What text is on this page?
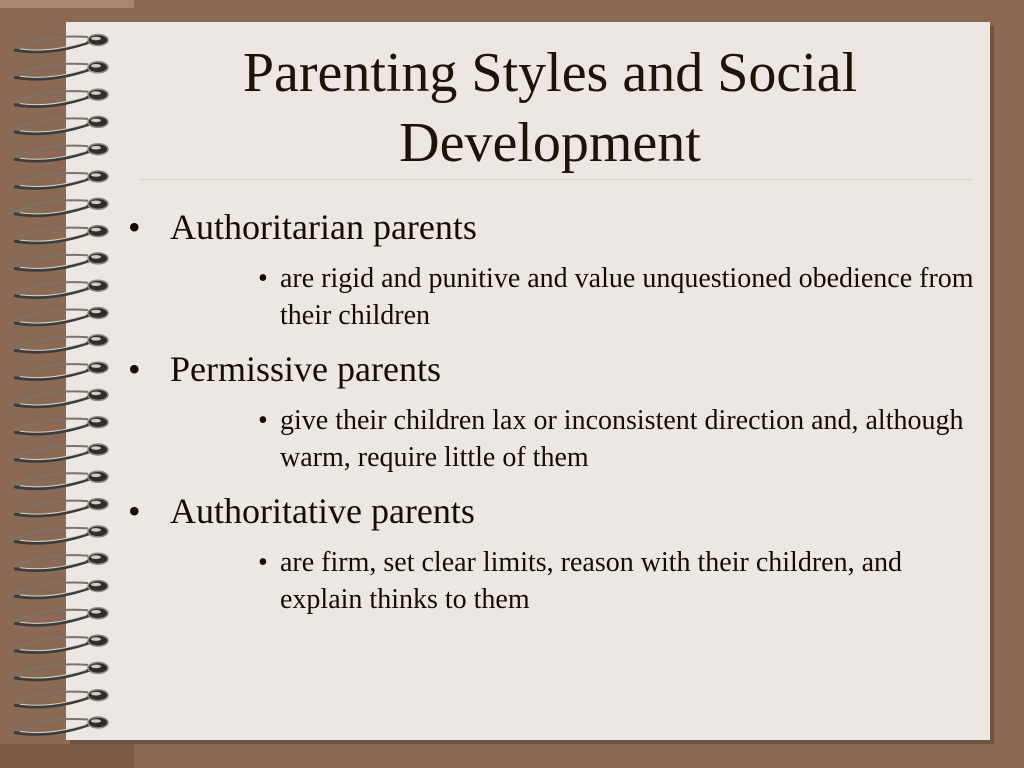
Parenting Styles and Social Development
• Authoritarian parents
• are rigid and punitive and value unquestioned obedience from their children
• Permissive parents
• give their children lax or inconsistent direction and, although warm, require little of them
• Authoritative parents
• are firm, set clear limits, reason with their children, and explain thinks to them
